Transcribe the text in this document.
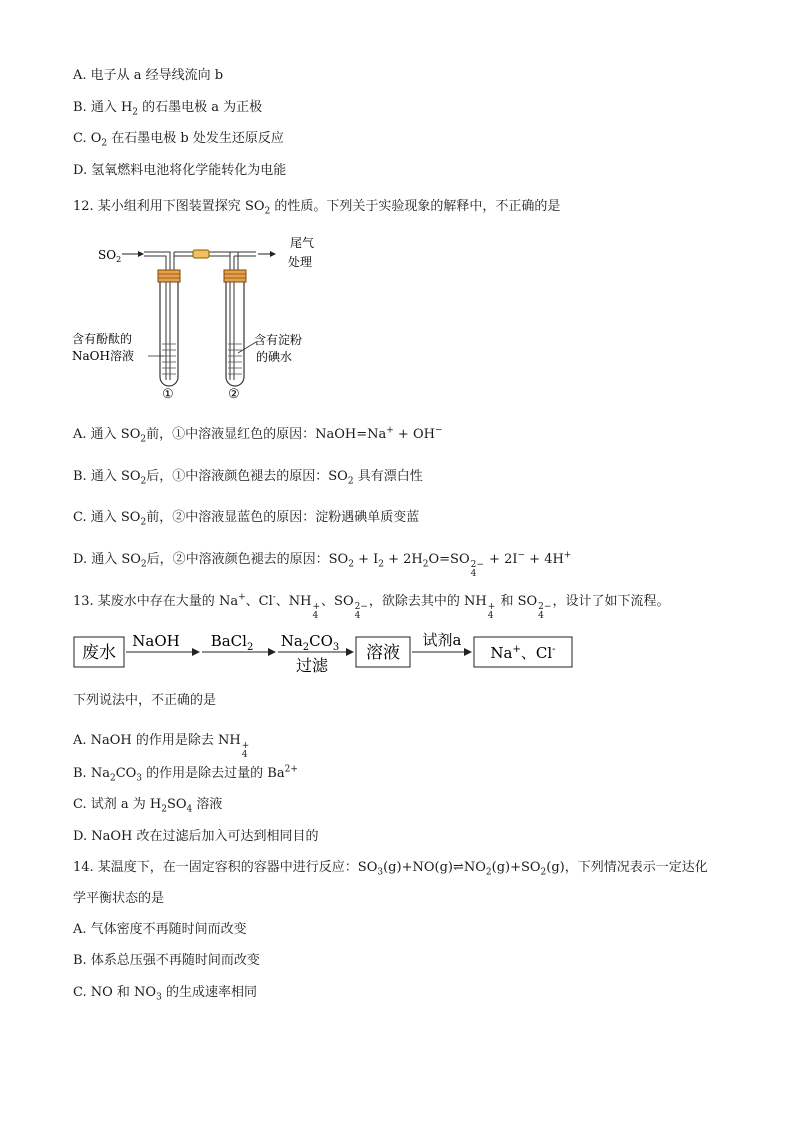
A. 电子从 a 经导线流向 b

B. 通入 $H_2$ 的石墨电极 a 为正极

C. $O_2$ 在石墨电极 b 处发生还原反应

D. 氢氧燃料电池将化学能转化为电能

12. 某小组利用下图装置探究 $SO_2$ 的性质。下列关于实验现象的解释中，不正确的是

$SO_2$
尾气
处理
含有酚酞的
NaOH溶液
含有淀粉
的碘水
①	②

A. 通入 $SO_2$前，①中溶液显红色的原因：NaOH=Na+ + OH−

B. 通入 $SO_2$后，①中溶液颜色褪去的原因：$SO_2$ 具有漂白性

C. 通入 $SO_2$前，②中溶液显蓝色的原因：淀粉遇碘单质变蓝

D. 通入 $SO_2$后，②中溶液颜色褪去的原因：$SO_2 + I_2 + 2H_2O=SO$ 2−
4
+ 2I− + 4H+

13. 某废水中存在大量的 Na+、Cl-、NH +
4
、SO 2−
4
，欲除去其中的 NH +
4
和 SO 2−
4
，设计了如下流程。

废水
NaOH BaCl$_2$ $Na_2CO_3$
过滤
溶液
试剂a
Na+、Cl-

下列说法中，不正确的是

A. NaOH 的作用是除去 NH +
4

B. $Na_2CO_3$ 的作用是除去过量的 $Ba^{2+}$

C. 试剂 a 为 $H_2SO_4$ 溶液

D. NaOH 改在过滤后加入可达到相同目的

14. 某温度下，在一固定容积的容器中进行反应：$SO_3(g)+NO(g)\rightleftharpoons NO_2(g)+SO_2(g)$，下列情况表示一定达化

学平衡状态的是

A. 气体密度不再随时间而改变

B. 体系总压强不再随时间而改变

C. NO 和 $NO_3$ 的生成速率相同
